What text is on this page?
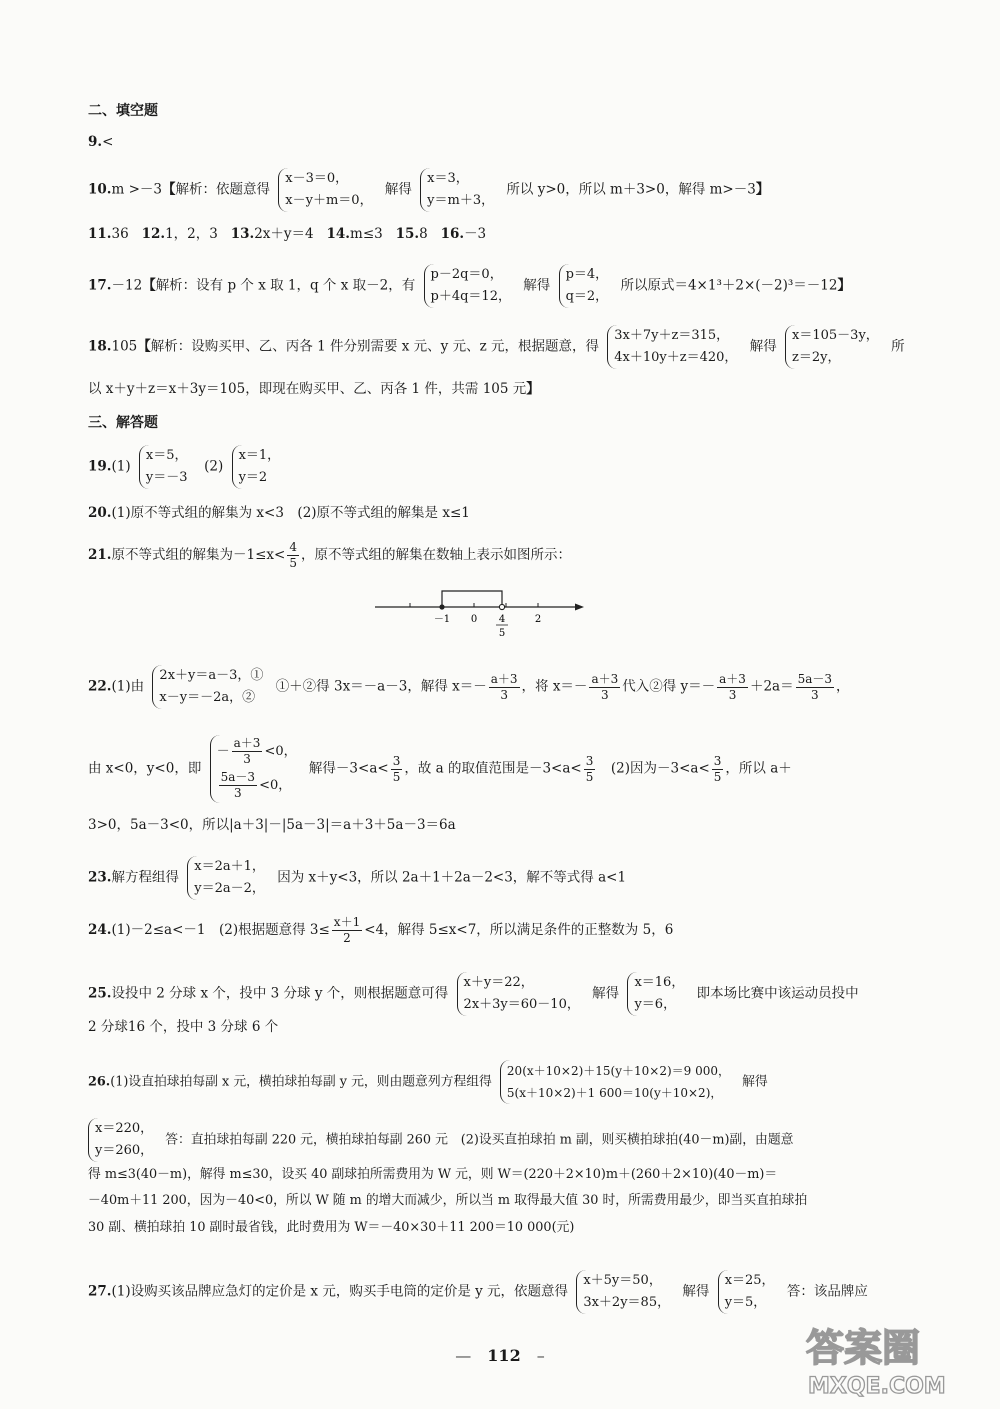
二、填空题
9.<
10.m >－3【解析：依题意得
x－3＝0，
x－y＋m＝0，
解得
x＝3，
y＝m＋3，
所以 y>0，所以 m＋3>0，解得 m>－3】
11.36 12.1，2，3 13.2x＋y＝4 14.m≤3 15.8 16.－3
17.－12【解析：设有 p 个 x 取 1，q 个 x 取－2，有
p－2q＝0，
p＋4q＝12，
解得
p＝4，
q＝2，
所以原式＝4×1³＋2×(－2)³＝－12】
18.105【解析：设购买甲、乙、丙各 1 件分别需要 x 元、y 元、z 元，根据题意，得
3x＋7y＋z＝315，
4x＋10y＋z＝420，
解得
x＝105－3y，
z＝2y，
所
以 x＋y＋z＝x＋3y＝105，即现在购买甲、乙、丙各 1 件，共需 105 元】
三、解答题
19.(1)
x＝5，
y＝－3
(2)
x＝1，
y＝2
20.(1)原不等式组的解集为 x<3　(2)原不等式组的解集是 x≤1
21.原不等式组的解集为$-1\le x< \frac{4}{5}$ ，原不等式组的解集在数轴上表示如图所示：
－1 0 4
5
2
22.(1)由
2x＋y＝a－3，①
x－y＝－2a，②
①＋②得 3x＝－a－3，解得 $x=- \frac{a+3}{3}$ ，将 $x=- \frac{a+3}{3}$ 代入②得 $y=- \frac{a+3}{3} +2a= \frac{5a-3}{3}$ ，
由 x<0，y<0，即
－ $\frac{a+3}{3} <0$，
$\frac{5a-3}{3} <0$，
解得$-3<a< \frac{3}{5}$ ，故 a 的取值范围是$-3<a< \frac{3}{5}$ 　(2)因为$-3<a< \frac{3}{5}$ ，所以 a＋
3>0，5a－3<0，所以|a＋3|－|5a－3|＝a＋3＋5a－3＝6a
23.解方程组得
x＝2a＋1，
y＝2a－2，
因为 x＋y<3，所以 2a＋1＋2a－2<3，解不等式得 a<1
24.(1)－2≤a<－1　(2)根据题意得 $3\le \frac{x+1}{2} <4$，解得 5≤x<7，所以满足条件的正整数为 5，6
25.设投中 2 分球 x 个，投中 3 分球 y 个，则根据题意可得
x＋y＝22，
2x＋3y＝60－10，
解得
x＝16，
y＝6，
即本场比赛中该运动员投中
2 分球16 个，投中 3 分球 6 个
26.(1)设直拍球拍每副 x 元，横拍球拍每副 y 元，则由题意列方程组得
20(x＋10×2)＋15(y＋10×2)＝9 000，
5(x＋10×2)＋1 600＝10(y＋10×2)，
解得
x＝220，
y＝260，
答：直拍球拍每副 220 元，横拍球拍每副 260 元　(2)设买直拍球拍 m 副，则买横拍球拍(40－m)副，由题意
得 m≤3(40－m)，解得 m≤30，设买 40 副球拍所需费用为 W 元，则 W＝(220＋2×10)m＋(260＋2×10)(40－m)＝
－40m＋11 200，因为－40<0，所以 W 随 m 的增大而减少，所以当 m 取得最大值 30 时，所需费用最少，即当买直拍球拍
30 副、横拍球拍 10 副时最省钱，此时费用为 W＝－40×30＋11 200＝10 000(元)
27.(1)设购买该品牌应急灯的定价是 x 元，购买手电筒的定价是 y 元，依题意得
x＋5y＝50，
3x＋2y＝85，
解得
x＝25，
y＝5，
答：该品牌应
— 112 –	答案圈
MXQE.COM
